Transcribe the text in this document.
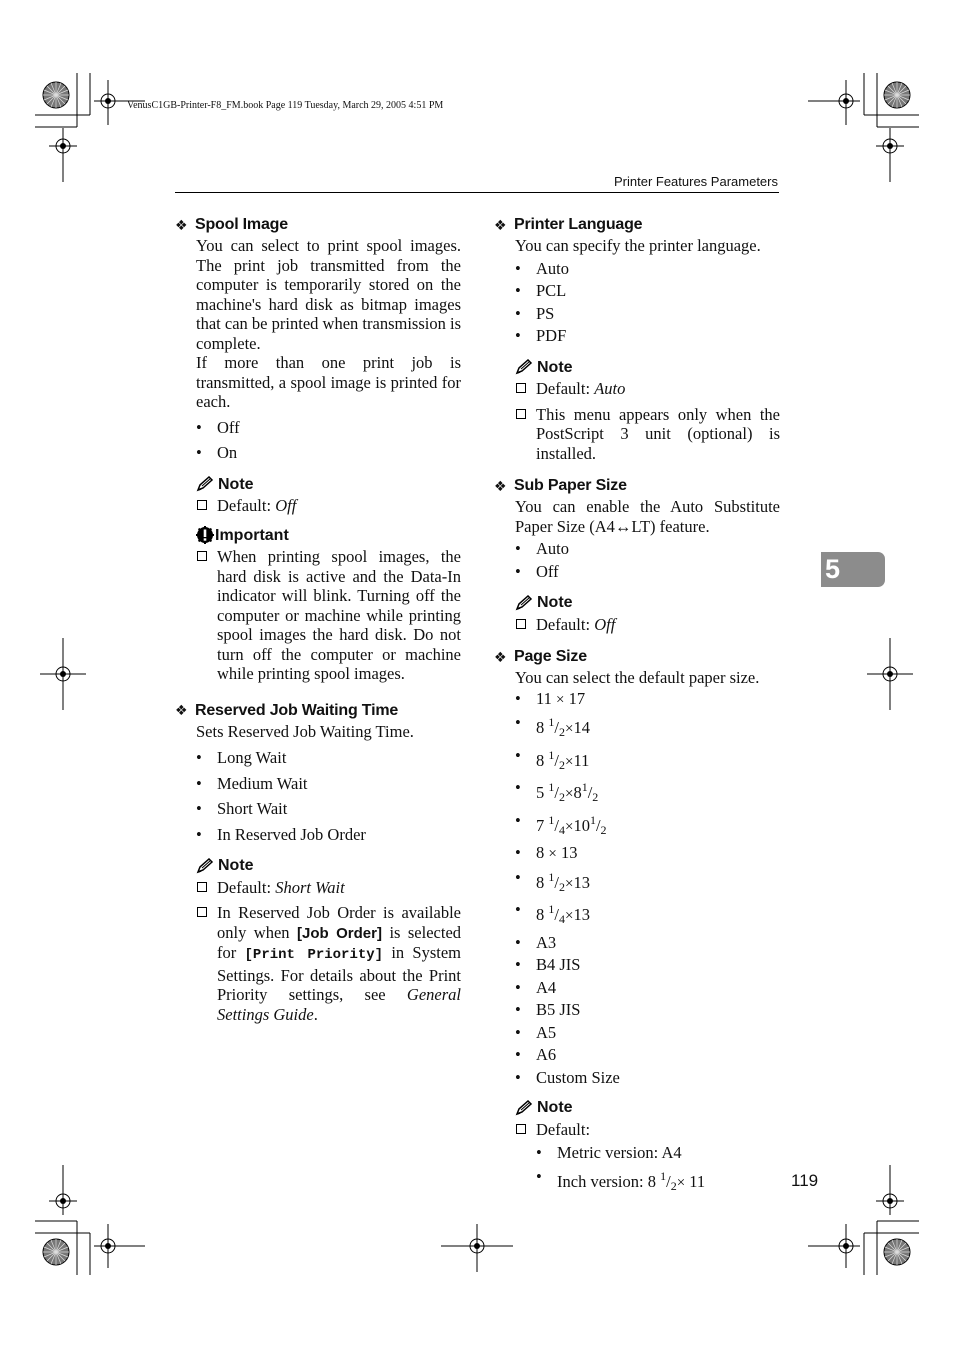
VenusC1GB-Printer-F8_FM.book Page 119 Tuesday, March 29, 2005 4:51 PM
Printer Features Parameters
5
119
❖ Spool Image
You can select to print spool images. The print job transmitted from the computer is temporarily stored on the machine's hard disk as bitmap images that can be printed when transmission is complete.
If more than one print job is transmitted, a spool image is printed for each.
• Off
• On
Note
Default: Off
Important
When printing spool images, the hard disk is active and the Data-In indicator will blink. Turning off the computer or machine while printing spool images the hard disk. Do not turn off the computer or machine while printing spool images.
❖ Reserved Job Waiting Time
Sets Reserved Job Waiting Time.
• Long Wait
• Medium Wait
• Short Wait
• In Reserved Job Order
Note
Default: Short Wait
In Reserved Job Order is available only when [Job Order] is selected for [Print Priority] in System Settings. For details about the Print Priority settings, see General Settings Guide.
❖ Printer Language
You can specify the printer language.
• Auto
• PCL
• PS
• PDF
Note
Default: Auto
This menu appears only when the PostScript 3 unit (optional) is installed.
❖ Sub Paper Size
You can enable the Auto Substitute Paper Size (A4↔LT) feature.
• Auto
• Off
Note
Default: Off
❖ Page Size
You can select the default paper size.
• 11 × 17
• 8 $^1/_2\times 14$
• 8 $^1/_2\times 11$
• 5 $^1/_2\times 8^1/_2$
• 7 $^1/_4\times 10^1/_2$
• 8 × 13
• 8 $^1/_2\times 13$
• 8 $^1/_4\times 13$
• A3
• B4 JIS
• A4
• B5 JIS
• A5
• A6
• Custom Size
Note
Default:
• Metric version: A4
• Inch version: 8 $^1/_2\times 11$
